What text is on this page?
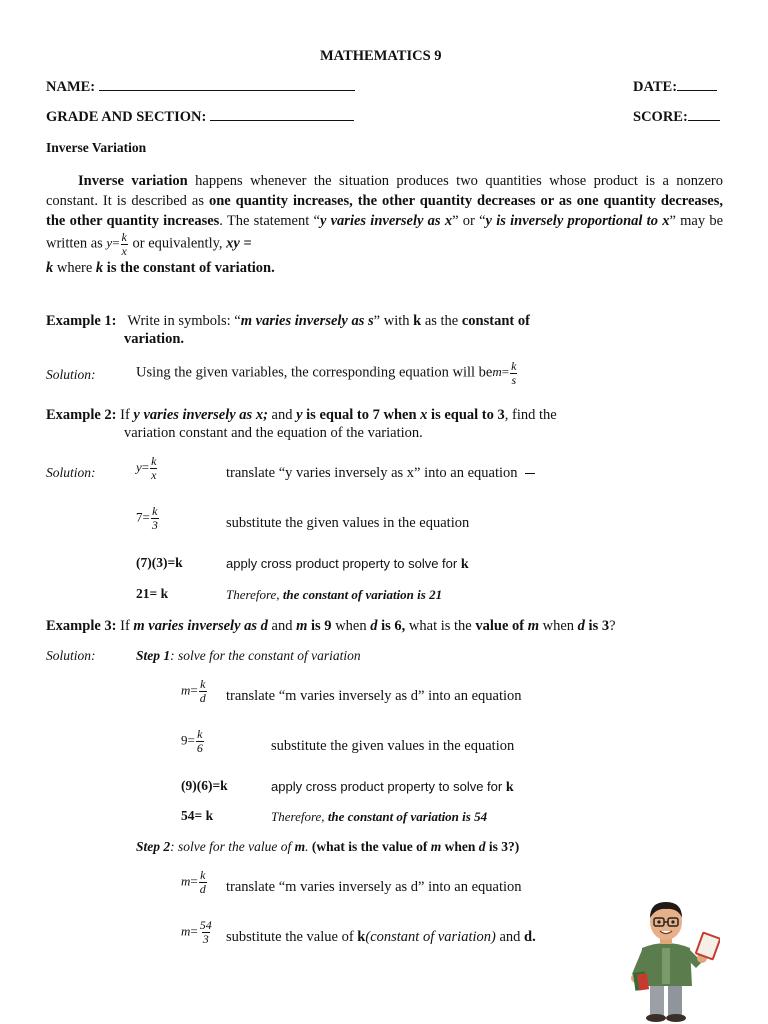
MATHEMATICS 9
NAME:	DATE:
GRADE AND SECTION:	SCORE:
Inverse Variation
Inverse variation happens whenever the situation produces two quantities whose product is a nonzero constant. It is described as one quantity increases, the other quantity decreases or as one quantity decreases, the other quantity increases. The statement “y varies inversely as x” or “y is inversely proportional to x” may be written as $y= \frac{k}{x}$ or equivalently, xy =
k where k is the constant of variation.
Example 1: Write in symbols: “m varies inversely as s” with k as the constant of
variation.
Solution:	Using the given variables, the corresponding equation will $bem= \frac{k}{s}$
Example 2: If y varies inversely as x; and y is equal to 7 when x is equal to 3, find the
variation constant and the equation of the variation.
Solution:	$y= \frac{k}{x}$	translate “y varies inversely as x” into an equation
$7= \frac{k}{3}$	substitute the given values in the equation
(7)(3)=k	apply cross product property to solve for k
21= k	Therefore, the constant of variation is 21
Example 3: If m varies inversely as d and m is 9 when d is 6, what is the value of m when d is 3?
Solution:	Step 1: solve for the constant of variation
$m= \frac{k}{d}$ translate “m varies inversely as d” into an equation
$9= \frac{k}{6}$	substitute the given values in the equation
(9)(6)=k	apply cross product property to solve for k
54= k	Therefore, the constant of variation is 54
Step 2: solve for the value of m. (what is the value of m when d is 3?)
$m= \frac{k}{d}$ translate “m varies inversely as d” into an equation
$m= \frac{54}{3}$ substitute the value of k(constant of variation) and d.
